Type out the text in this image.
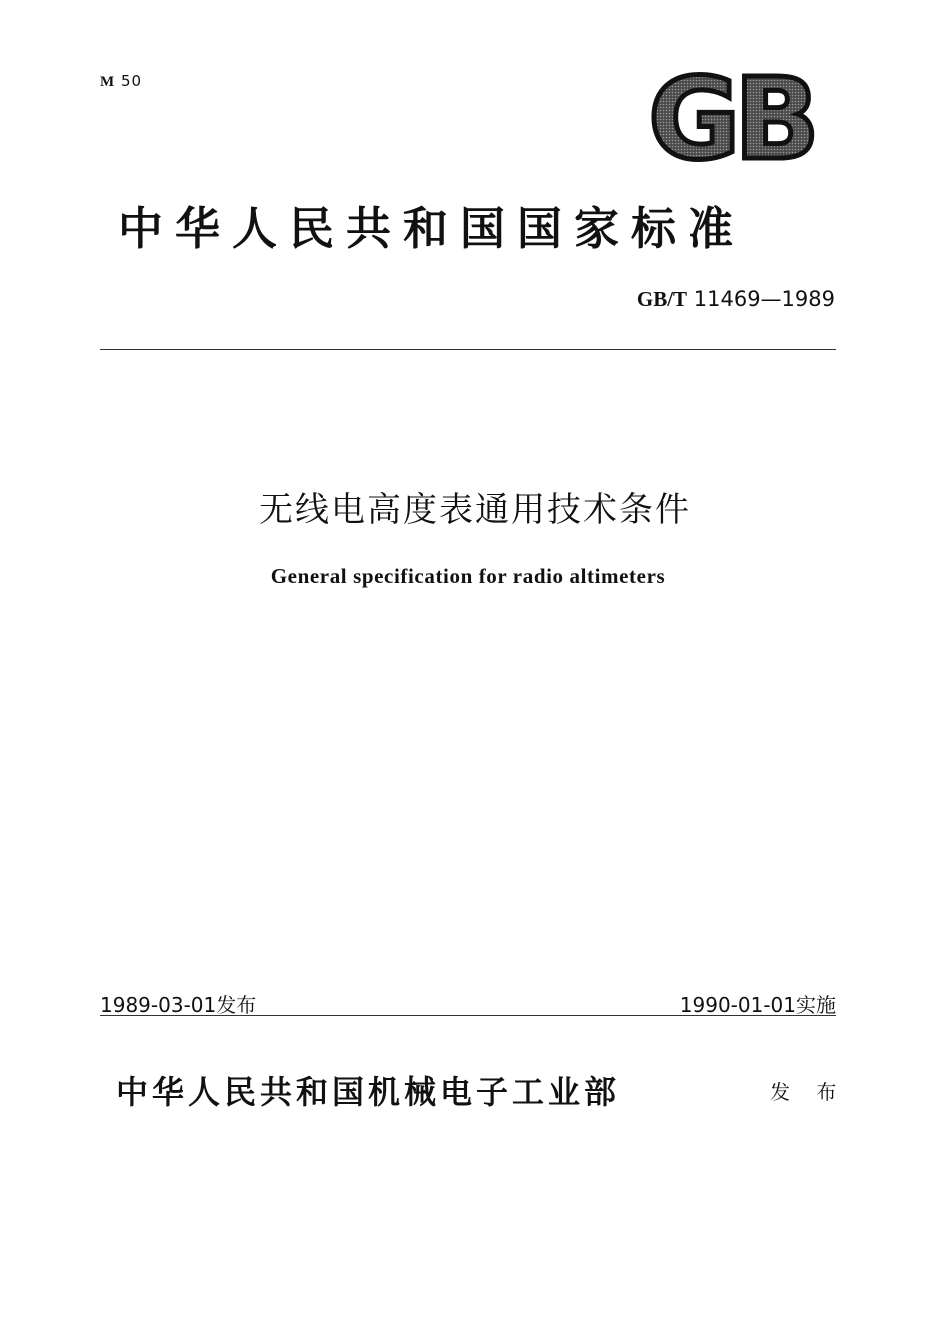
M 50	GB
中华人民共和国国家标准
GB/T 11469—1989
无线电高度表通用技术条件
General specification for radio altimeters
1989-03-01发布	1990-01-01实施
中华人民共和国机械电子工业部	发 布
